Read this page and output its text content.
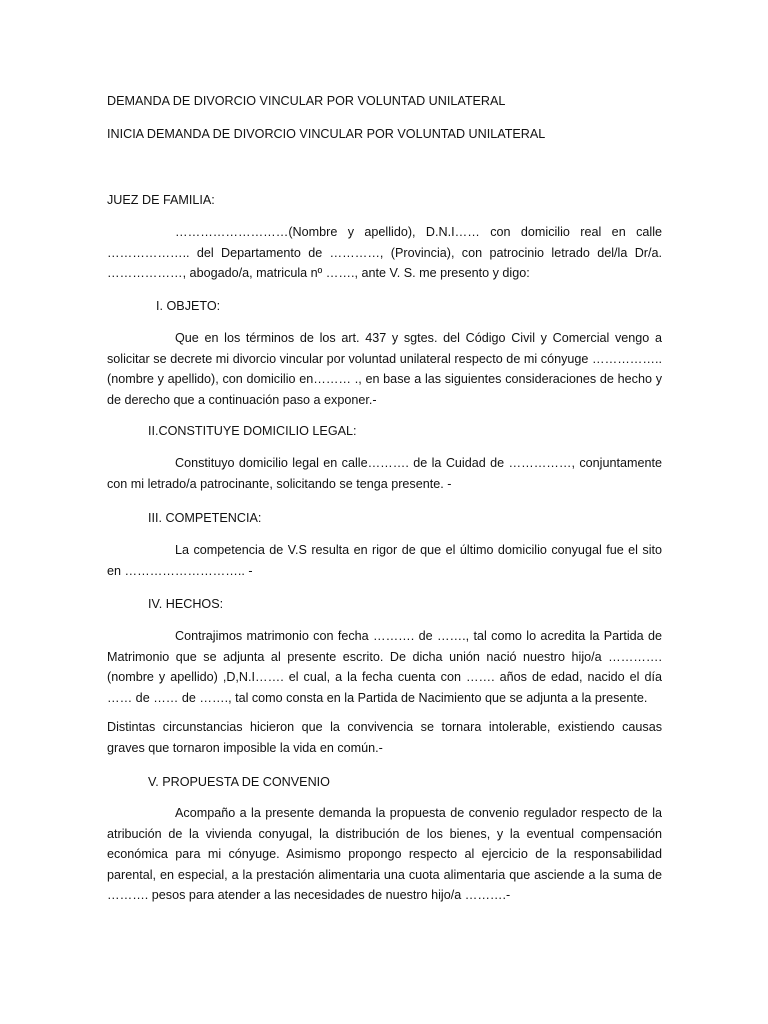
DEMANDA DE DIVORCIO VINCULAR POR VOLUNTAD UNILATERAL
INICIA DEMANDA DE DIVORCIO VINCULAR POR VOLUNTAD UNILATERAL
JUEZ DE FAMILIA:
………………………(Nombre y apellido), D.N.I…… con domicilio real en calle ……………….. del Departamento de …………, (Provincia), con patrocinio letrado del/la Dr/a. ………………, abogado/a, matricula nº ……., ante V. S. me presento y digo:
I. OBJETO:
Que en los términos de los art. 437 y sgtes. del Código Civil y Comercial vengo a solicitar se decrete mi divorcio vincular por voluntad unilateral respecto de mi cónyuge ……………..(nombre y apellido), con domicilio en……… ., en base a las siguientes consideraciones de hecho y de derecho que a continuación paso a exponer.-
II.CONSTITUYE DOMICILIO LEGAL:
Constituyo domicilio legal en calle………. de la Cuidad de ……………, conjuntamente con mi letrado/a patrocinante, solicitando se tenga presente. -
III. COMPETENCIA:
La competencia de V.S resulta en rigor de que el último domicilio conyugal fue el sito en ……………………….. -
IV. HECHOS:
Contrajimos matrimonio con fecha ………. de ……., tal como lo acredita la Partida de Matrimonio que se adjunta al presente escrito. De dicha unión nació nuestro hijo/a ………….(nombre y apellido) ,D,N.I……. el cual, a la fecha cuenta con ……. años de edad, nacido el día …… de …… de ……., tal como consta en la Partida de Nacimiento que se adjunta a la presente.
Distintas circunstancias hicieron que la convivencia se tornara intolerable, existiendo causas graves que tornaron imposible la vida en común.-
V. PROPUESTA DE CONVENIO
Acompaño a la presente demanda la propuesta de convenio regulador respecto de la atribución de la vivienda conyugal, la distribución de los bienes, y la eventual compensación económica para mi cónyuge. Asimismo propongo respecto al ejercicio de la responsabilidad parental, en especial, a la prestación alimentaria una cuota alimentaria que asciende a la suma de ………. pesos para atender a las necesidades de nuestro hijo/a ……….-
